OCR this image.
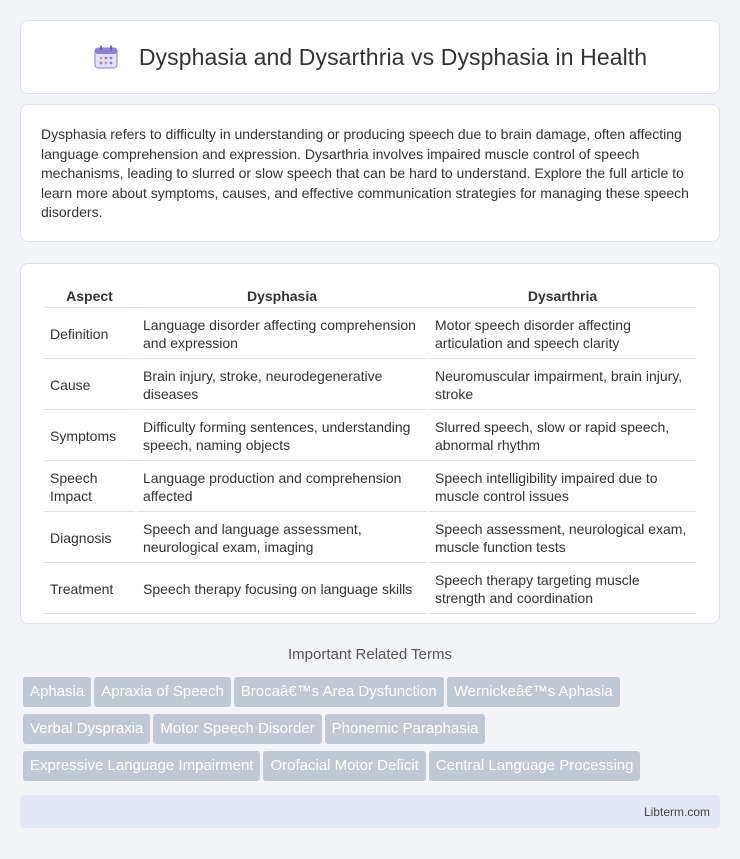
Dysphasia and Dysarthria vs Dysphasia in Health

Dysphasia refers to difficulty in understanding or producing speech due to brain damage, often affecting language comprehension and expression. Dysarthria involves impaired muscle control of speech mechanisms, leading to slurred or slow speech that can be hard to understand. Explore the full article to learn more about symptoms, causes, and effective communication strategies for managing these speech disorders.

Aspect	Dysphasia	Dysarthria
Definition	Language disorder affecting comprehension and expression	Motor speech disorder affecting articulation and speech clarity
Cause	Brain injury, stroke, neurodegenerative diseases	Neuromuscular impairment, brain injury, stroke
Symptoms	Difficulty forming sentences, understanding speech, naming objects	Slurred speech, slow or rapid speech, abnormal rhythm
Speech Impact	Language production and comprehension affected	Speech intelligibility impaired due to muscle control issues
Diagnosis	Speech and language assessment, neurological exam, imaging	Speech assessment, neurological exam, muscle function tests
Treatment	Speech therapy focusing on language skills	Speech therapy targeting muscle strength and coordination
Important Related Terms
Aphasia Apraxia of Speech Brocaâ€™s Area Dysfunction Wernickeâ€™s Aphasia
Verbal Dyspraxia Motor Speech Disorder Phonemic Paraphasia
Expressive Language Impairment Orofacial Motor Deficit Central Language Processing
Libterm.com
